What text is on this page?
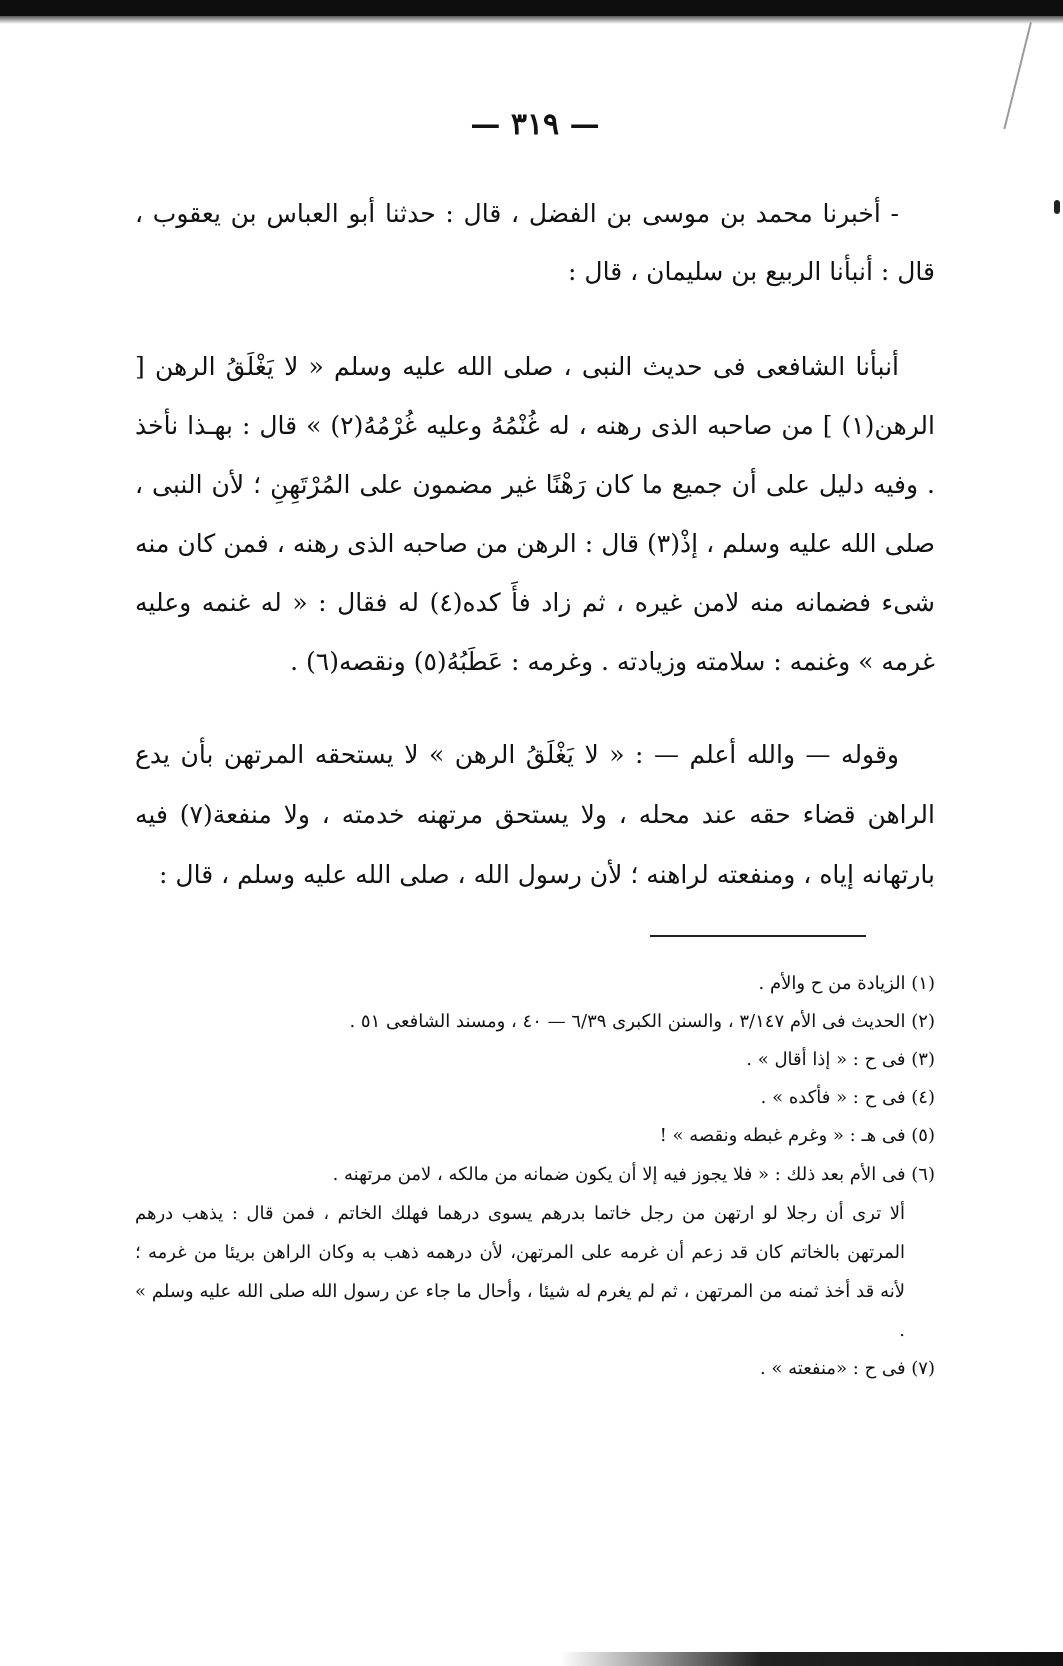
— ٣١٩ —

- أخبرنا محمد بن موسى بن الفضل ، قال : حدثنا أبو العباس بن يعقوب ، قال : أنبأنا الربيع بن سليمان ، قال :

أنبأنا الشافعى فى حديث النبى ، صلى الله عليه وسلم « لا يَغْلَقُ الرهن [ الرهن(١) ] من صاحبه الذى رهنه ، له غُنْمُهُ وعليه غُرْمُهُ(٢) » قال : بهـذا نأخذ . وفيه دليل على أن جميع ما كان رَهْنًا غير مضمون على المُرْتَهِنِ ؛ لأن النبى ، صلى الله عليه وسلم ، إذْ(٣) قال : الرهن من صاحبه الذى رهنه ، فمن كان منه شىء فضمانه منه لامن غيره ، ثم زاد فأَ كده(٤) له فقال : « له غنمه وعليه غرمه » وغنمه : سلامته وزيادته . وغرمه : عَطَبُهُ(٥) ونقصه(٦) .

وقوله — والله أعلم — : « لا يَغْلَقُ الرهن » لا يستحقه المرتهن بأن يدع الراهن قضاء حقه عند محله ، ولا يستحق مرتهنه خدمته ، ولا منفعة(٧) فيه بارتهانه إياه ، ومنفعته لراهنه ؛ لأن رسول الله ، صلى الله عليه وسلم ، قال :

(١) الزيادة من ح والأم .

(٢) الحديث فى الأم ٣/١٤٧ ، والسنن الكبرى ٦/٣٩ — ٤٠ ، ومسند الشافعى ٥١ .

(٣) فى ح : « إذا أقال » .

(٤) فى ح : « فأكده » .

(٥) فى هـ : « وغرم غبطه ونقصه » !

(٦) فى الأم بعد ذلك : « فلا يجوز فيه إلا أن يكون ضمانه من مالكه ، لامن مرتهنه .
ألا ترى أن رجلا لو ارتهن من رجل خاتما بدرهم يسوى درهما فهلك الخاتم ، فمن قال : يذهب درهم المرتهن بالخاتم كان قد زعم أن غرمه على المرتهن، لأن درهمه ذهب به وكان الراهن بريئا من غرمه ؛ لأنه قد أخذ ثمنه من المرتهن ، ثم لم يغرم له شيئا ، وأحال ما جاء عن رسول الله صلى الله عليه وسلم » .

(٧) فى ح : «منفعته » .
